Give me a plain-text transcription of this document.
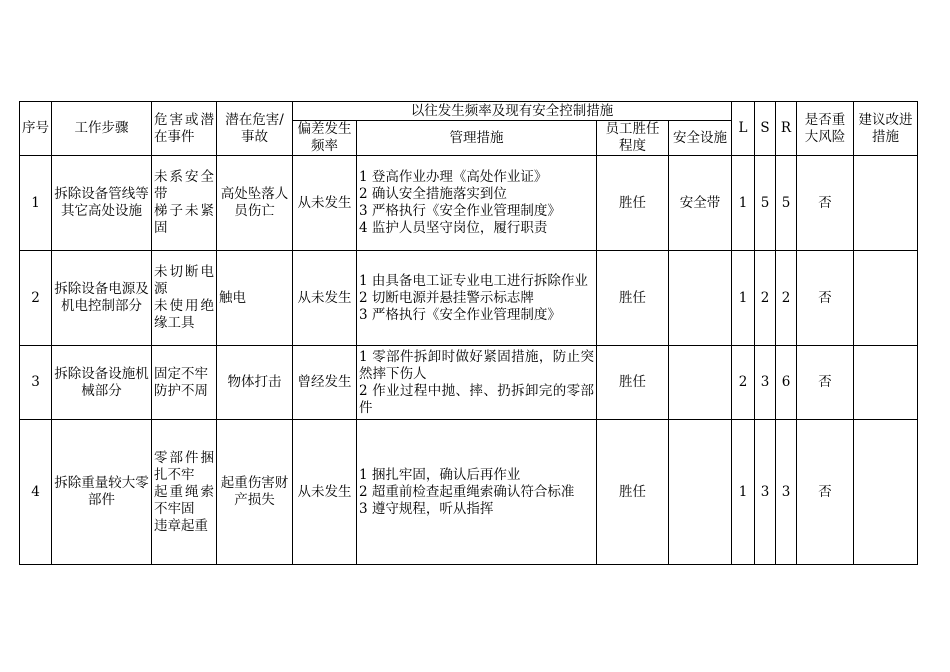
序号	工作步骤	危害或潜在事件	潜在危害/事故	以往发生频率及现有安全控制措施				L	S	R	是否重大风险	建议改进措施
				偏差发生频率	管理措施	员工胜任程度	安全设施					
1	拆除设备管线等其它高处设施	未系安全带
梯子未紧固	高处坠落人员伤亡	从未发生	1 登高作业办理《高处作业证》
2 确认安全措施落实到位
3 严格执行《安全作业管理制度》
4 监护人员坚守岗位，履行职责	胜任	安全带	1	5	5	否	
2	拆除设备电源及机电控制部分	未切断电源
未使用绝缘工具	触电	从未发生	1 由具备电工证专业电工进行拆除作业
2 切断电源并悬挂警示标志牌
3 严格执行《安全作业管理制度》	胜任		1	2	2	否	
3	拆除设备设施机械部分	固定不牢
防护不周	物体打击	曾经发生	1 零部件拆卸时做好紧固措施，防止突然摔下伤人
2 作业过程中抛、摔、扔拆卸完的零部件	胜任		2	3	6	否	
4	拆除重量较大零部件	零部件捆扎不牢
起重绳索不牢固
违章起重	起重伤害财产损失	从未发生	1 捆扎牢固，确认后再作业
2 超重前检查起重绳索确认符合标准
3 遵守规程，听从指挥	胜任		1	3	3	否	
